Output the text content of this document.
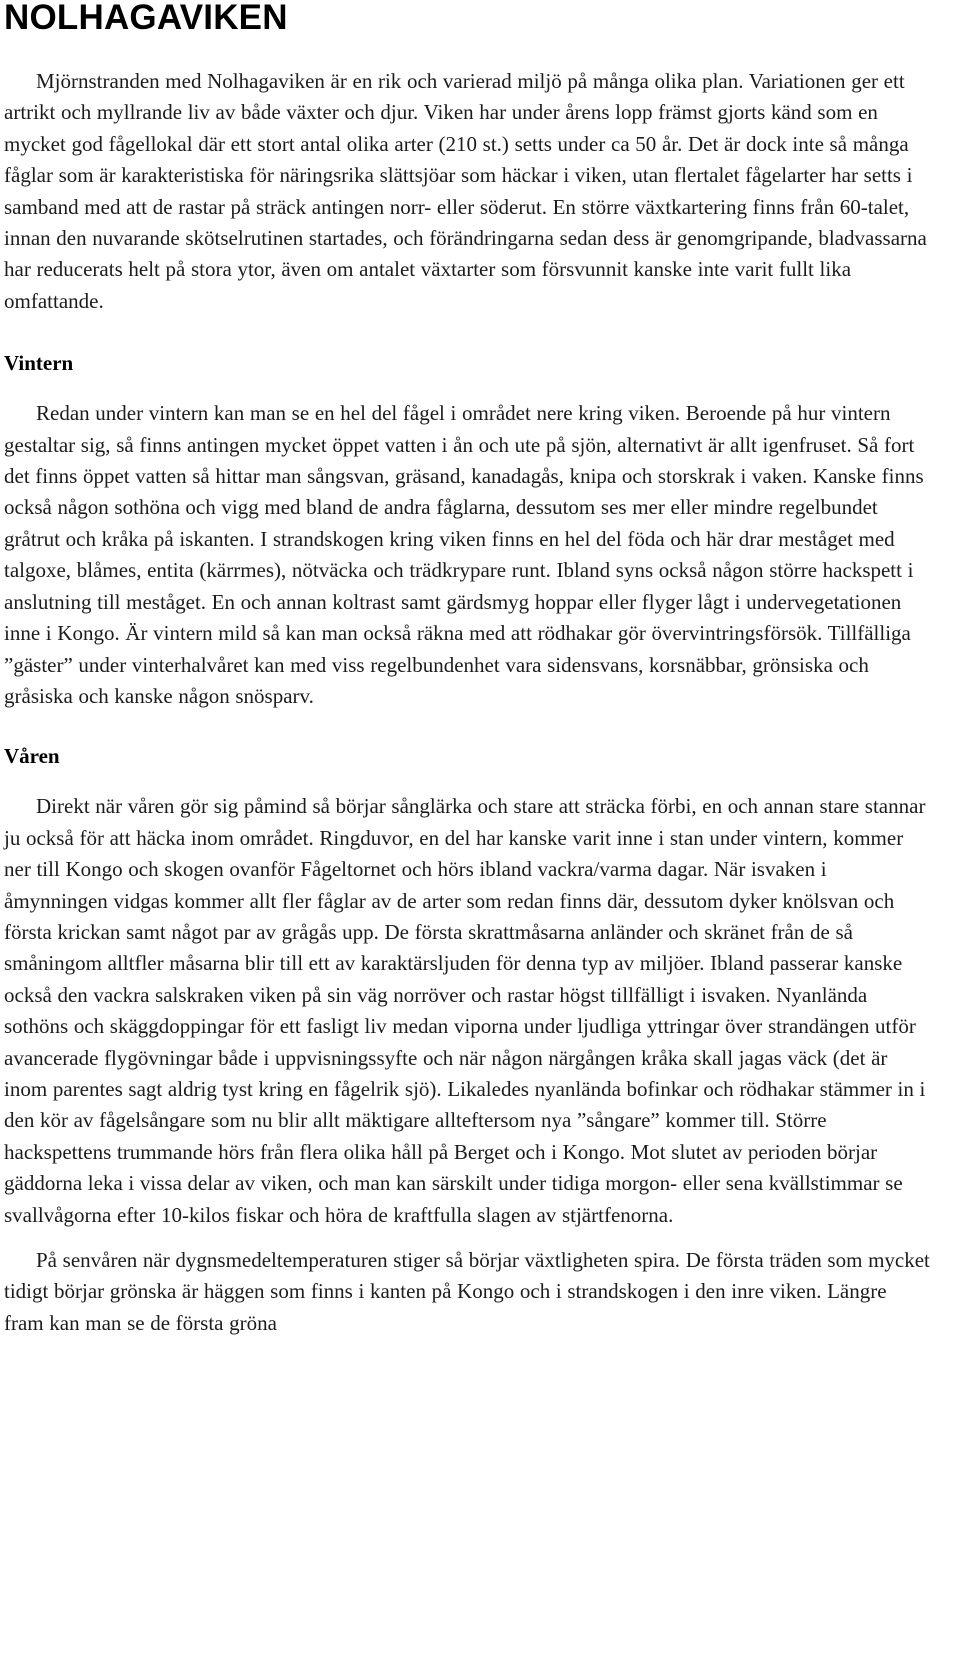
NOLHAGAVIKEN

Mjörnstranden med Nolhagaviken är en rik och varierad miljö på många olika plan. Variationen ger ett artrikt och myllrande liv av både växter och djur. Viken har under årens lopp främst gjorts känd som en mycket god fågellokal där ett stort antal olika arter (210 st.) setts under ca 50 år. Det är dock inte så många fåglar som är karakteristiska för näringsrika slättsjöar som häckar i viken, utan flertalet fågelarter har setts i samband med att de rastar på sträck antingen norr- eller söderut. En större växtkartering finns från 60-talet, innan den nuvarande skötselrutinen startades, och förändringarna sedan dess är genomgripande, bladvassarna har reducerats helt på stora ytor, även om antalet växtarter som försvunnit kanske inte varit fullt lika omfattande.

Vintern

Redan under vintern kan man se en hel del fågel i området nere kring viken. Beroende på hur vintern gestaltar sig, så finns antingen mycket öppet vatten i ån och ute på sjön, alternativt är allt igenfruset. Så fort det finns öppet vatten så hittar man sångsvan, gräsand, kanadagås, knipa och storskrak i vaken. Kanske finns också någon sothöna och vigg med bland de andra fåglarna, dessutom ses mer eller mindre regelbundet gråtrut och kråka på iskanten. I strandskogen kring viken finns en hel del föda och här drar meståget med talgoxe, blåmes, entita (kärrmes), nötväcka och trädkrypare runt. Ibland syns också någon större hackspett i anslutning till meståget. En och annan koltrast samt gärdsmyg hoppar eller flyger lågt i undervegetationen inne i Kongo. Är vintern mild så kan man också räkna med att rödhakar gör övervintringsförsök. Tillfälliga ”gäster” under vinterhalvåret kan med viss regelbundenhet vara sidensvans, korsnäbbar, grönsiska och gråsiska och kanske någon snösparv.

Våren

Direkt när våren gör sig påmind så börjar sånglärka och stare att sträcka förbi, en och annan stare stannar ju också för att häcka inom området. Ringduvor, en del har kanske varit inne i stan under vintern, kommer ner till Kongo och skogen ovanför Fågeltornet och hörs ibland vackra/varma dagar. När isvaken i åmynningen vidgas kommer allt fler fåglar av de arter som redan finns där, dessutom dyker knölsvan och första krickan samt något par av grågås upp. De första skrattmåsarna anländer och skränet från de så småningom alltfler måsarna blir till ett av karaktärsljuden för denna typ av miljöer. Ibland passerar kanske också den vackra salskraken viken på sin väg norröver och rastar högst tillfälligt i isvaken. Nyanlända sothöns och skäggdoppingar för ett fasligt liv medan viporna under ljudliga yttringar över strandängen utför avancerade flygövningar både i uppvisningssyfte och när någon närgången kråka skall jagas väck (det är inom parentes sagt aldrig tyst kring en fågelrik sjö). Likaledes nyanlända bofinkar och rödhakar stämmer in i den kör av fågelsångare som nu blir allt mäktigare allteftersom nya ”sångare” kommer till. Större hackspettens trummande hörs från flera olika håll på Berget och i Kongo. Mot slutet av perioden börjar gäddorna leka i vissa delar av viken, och man kan särskilt under tidiga morgon- eller sena kvällstimmar se svallvågorna efter 10-kilos fiskar och höra de kraftfulla slagen av stjärtfenorna.

På senvåren när dygnsmedeltemperaturen stiger så börjar växtligheten spira. De första träden som mycket tidigt börjar grönska är häggen som finns i kanten på Kongo och i strandskogen i den inre viken. Längre fram kan man se de första gröna
